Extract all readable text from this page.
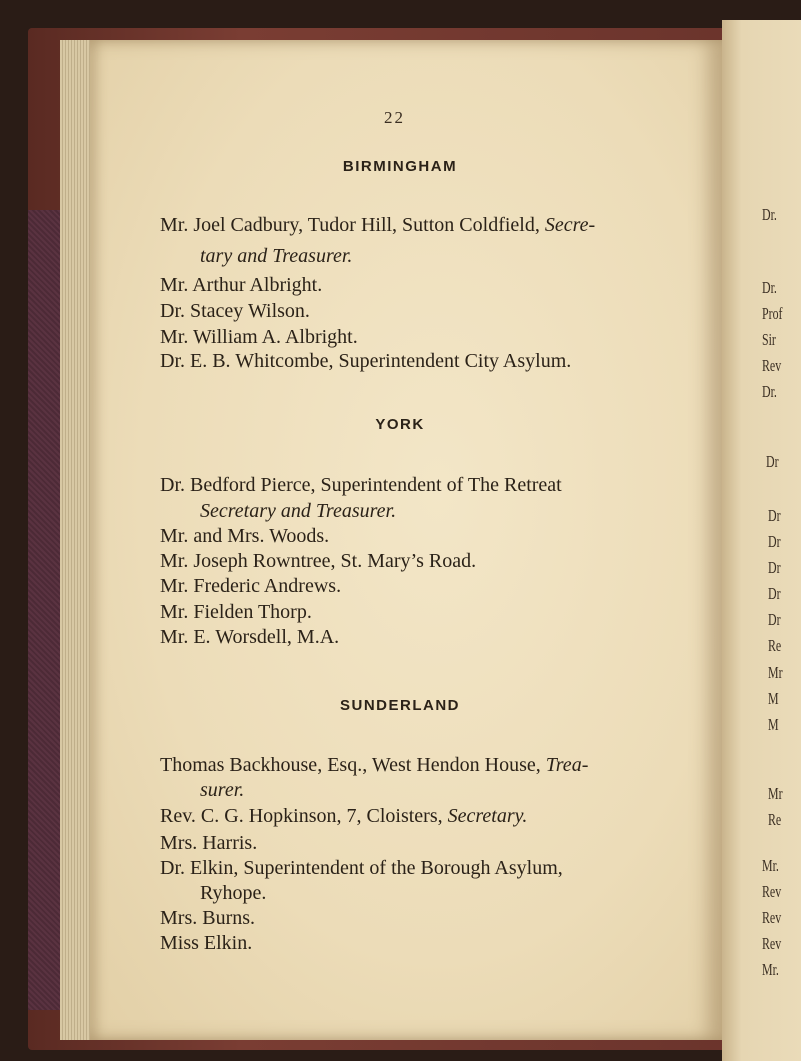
Dr.
Dr.
Prof
Sir
Rev
Dr.
Dr
Dr
Dr
Dr
Dr
Dr
Re
Mr
M
M
Mr
Re
Mr.
Rev
Rev
Rev
Mr.
22
BIRMINGHAM
Mr. Joel Cadbury, Tudor Hill, Sutton Coldfield, Secre-
tary and Treasurer.
Mr. Arthur Albright.
Dr. Stacey Wilson.
Mr. William A. Albright.
Dr. E. B. Whitcombe, Superintendent City Asylum.
YORK
Dr. Bedford Pierce, Superintendent of The Retreat
Secretary and Treasurer.
Mr. and Mrs. Woods.
Mr. Joseph Rowntree, St. Mary’s Road.
Mr. Frederic Andrews.
Mr. Fielden Thorp.
Mr. E. Worsdell, M.A.
SUNDERLAND
Thomas Backhouse, Esq., West Hendon House, Trea-
surer.
Rev. C. G. Hopkinson, 7, Cloisters, Secretary.
Mrs. Harris.
Dr. Elkin, Superintendent of the Borough Asylum,
Ryhope.
Mrs. Burns.
Miss Elkin.
